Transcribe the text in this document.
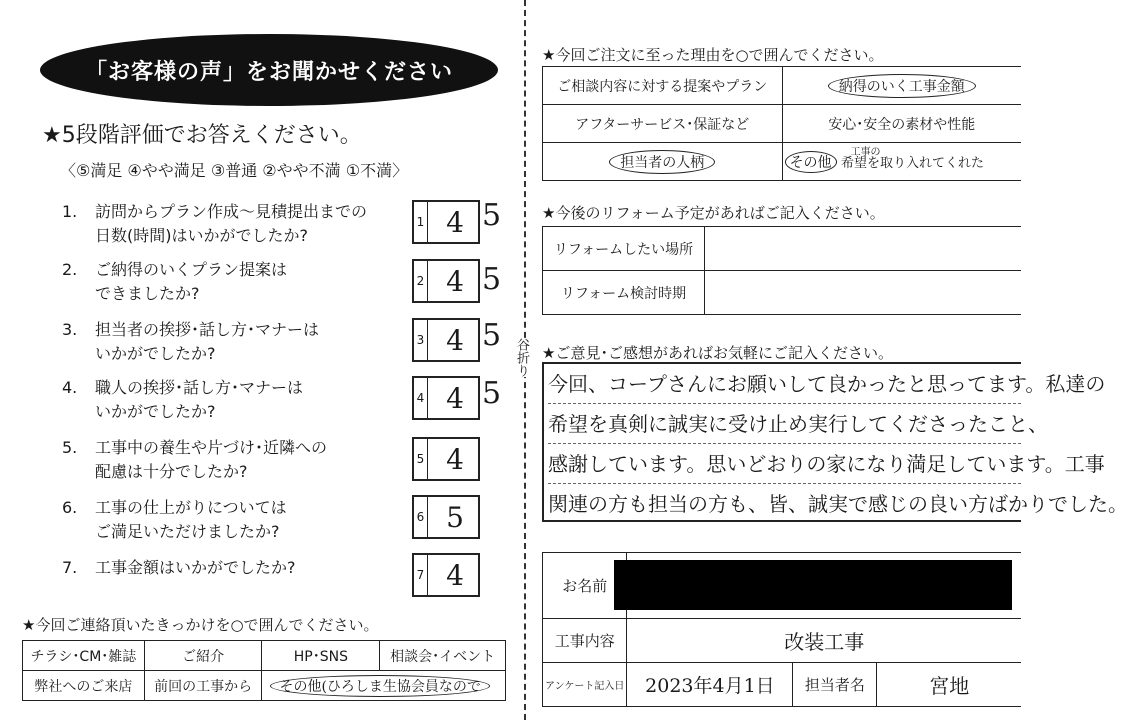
谷折り
「お客様の声」をお聞かせください
★5段階評価でお答えください。
〈⑤満足 ④やや満足 ③普通 ②やや不満 ①不満〉
1.	訪問からプラン作成〜見積提出までの
日数(時間)はいかがでしたか?
1 4 5
2.	ご納得のいくプラン提案は
できましたか?
2 4 5
3.	担当者の挨拶･話し方･マナーは
いかがでしたか?
3 4 5
4.	職人の挨拶･話し方･マナーは
いかがでしたか?
4 4 5
5.	工事中の養生や片づけ･近隣への
配慮は十分でしたか?
5 4
6.	工事の仕上がりについては
ご満足いただけましたか?
6 5
7.	工事金額はいかがでしたか?	7 4
★今回ご連絡頂いたきっかけを○で囲んでください。
チラシ･CM･雑誌	ご紹介	HP･SNS	相談会･イベント
弊社へのご来店	前回の工事から	その他(ひろしま生協会員なので	
★今回ご注文に至った理由を○で囲んでください。
ご相談内容に対する提案やプラン	納得のいく工事金額
アフターサービス･保証など	安心･安全の素材や性能
担当者の人柄	その他
工事の
希望を取り入れてくれた
★今後のリフォーム予定があればご記入ください。
リフォームしたい場所	
リフォーム検討時期	
★ご意見･ご感想があればお気軽にご記入ください。
今回、コープさんにお願いして良かったと思ってます。私達の
希望を真剣に誠実に受け止め実行してくださったこと、
感謝しています。思いどおりの家になり満足しています。工事
関連の方も担当の方も、皆、誠実で感じの良い方ばかりでした。
お名前			
工事内容	改装工事		
アンケート記入日	2023年4月1日	担当者名	宮地
